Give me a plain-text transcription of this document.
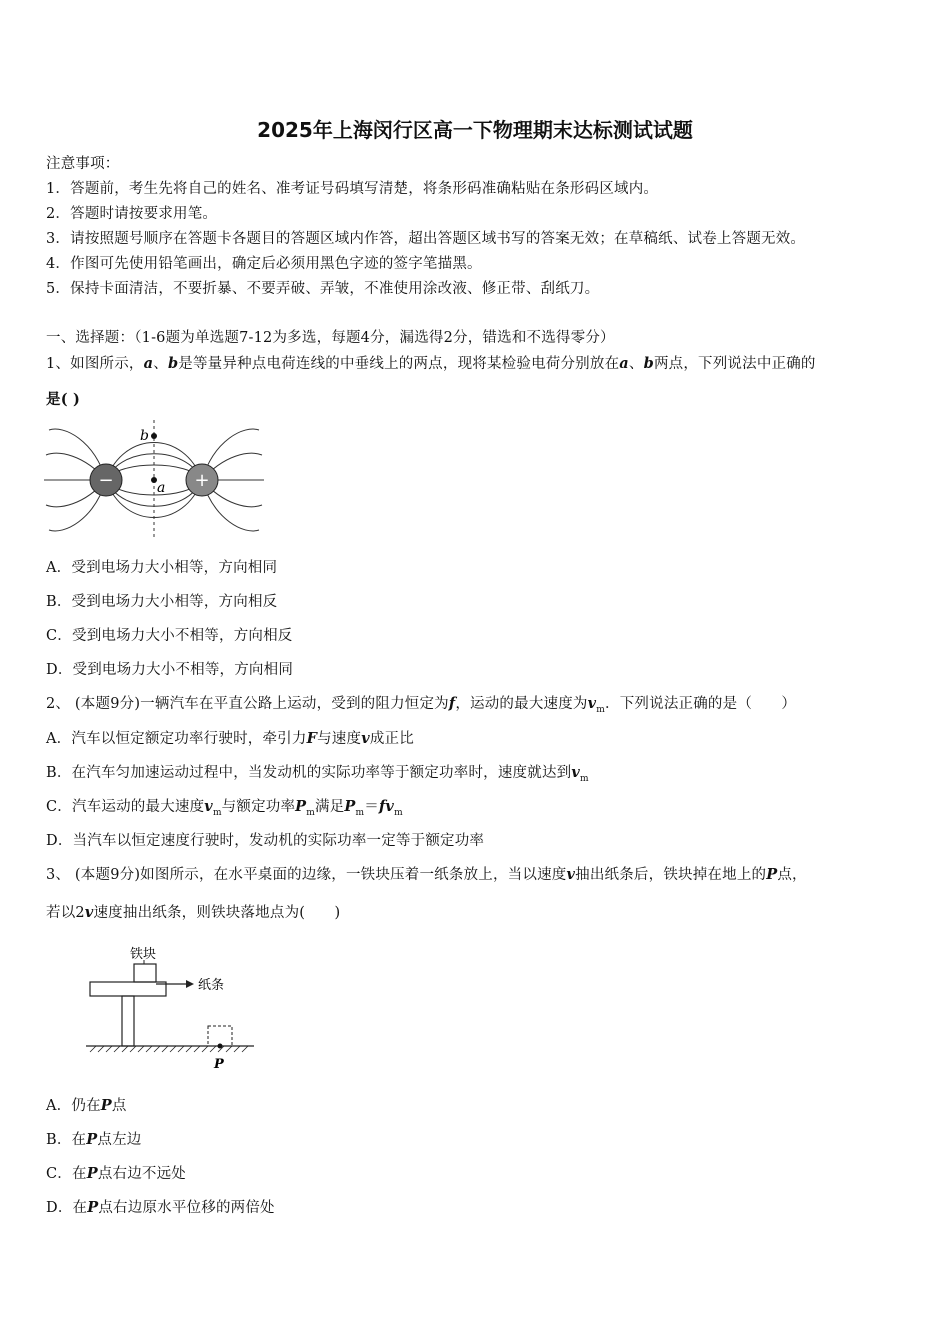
2025年上海闵行区高一下物理期末达标测试试题
注意事项：
1．答题前，考生先将自己的姓名、准考证号码填写清楚，将条形码准确粘贴在条形码区域内。
2．答题时请按要求用笔。
3．请按照题号顺序在答题卡各题目的答题区域内作答，超出答题区域书写的答案无效；在草稿纸、试卷上答题无效。
4．作图可先使用铅笔画出，确定后必须用黑色字迹的签字笔描黑。
5．保持卡面清洁，不要折暴、不要弄破、弄皱，不准使用涂改液、修正带、刮纸刀。
一、选择题：（1-6题为单选题7-12为多选，每题4分，漏选得2分，错选和不选得零分）
1、如图所示，a、b是等量异种点电荷连线的中垂线上的两点，现将某检验电荷分别放在a、b两点，下列说法中正确的
是( )
−	+
b
a
A．受到电场力大小相等，方向相同
B．受到电场力大小相等，方向相反
C．受到电场力大小不相等，方向相反
D．受到电场力大小不相等，方向相同
2、 (本题9分)一辆汽车在平直公路上运动，受到的阻力恒定为f，运动的最大速度为$v_m$．下列说法正确的是（　　）
A．汽车以恒定额定功率行驶时，牵引力F与速度v成正比
B．在汽车匀加速运动过程中，当发动机的实际功率等于额定功率时，速度就达到$v_m$
C．汽车运动的最大速度$v_m$与额定功率$P_m$满足$P_m=fv_m$
D．当汽车以恒定速度行驶时，发动机的实际功率一定等于额定功率
3、 (本题9分)如图所示，在水平桌面的边缘，一铁块压着一纸条放上，当以速度v抽出纸条后，铁块掉在地上的P点，
若以2v速度抽出纸条，则铁块落地点为(　　)
铁块
纸条
P
A．仍在P点
B．在P点左边
C．在P点右边不远处
D．在P点右边原水平位移的两倍处
